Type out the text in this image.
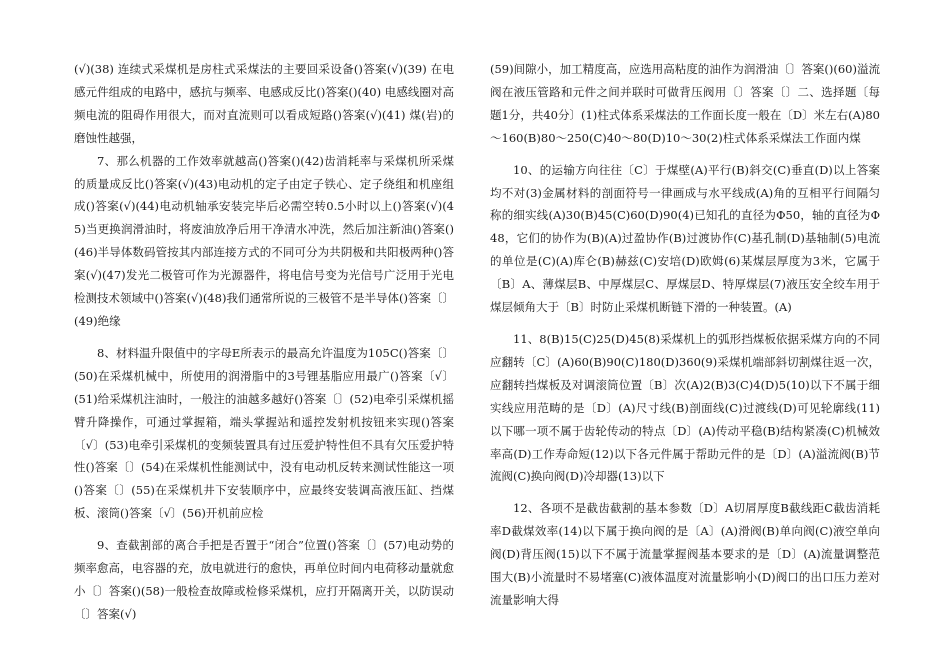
(√)(38) 连续式采煤机是房柱式采煤法的主要回采设备()答案(√)(39) 在电感元件组成的电路中，感抗与频率、电感成反比()答案()(40) 电感线圈对高频电流的阻碍作用很大，而对直流则可以看成短路()答案(√)(41) 煤(岩)的磨蚀性越强，

7、那么机器的工作效率就越高()答案()(42)齿消耗率与采煤机所采煤的质量成反比()答案(√)(43)电动机的定子由定子铁心、定子绕组和机座组成()答案(√)(44)电动机轴承安装完毕后必需空转0.5小时以上()答案(√)(45)当更换润滑油时，将废油放净后用干净清水冲洗，然后加注新油()答案()(46)半导体数码管按其内部连接方式的不同可分为共阴极和共阳极两种()答案(√)(47)发光二极管可作为光源器件，将电信号变为光信号广泛用于光电检测技术领域中()答案(√)(48)我们通常所说的三极管不是半导体()答案〔〕(49)绝缘

8、材料温升限值中的字母E所表示的最高允许温度为105C()答案〔〕(50)在采煤机械中，所使用的润滑脂中的3号锂基脂应用最广()答案〔√〕(51)给采煤机注油时，一般注的油越多越好()答案〔〕(52)电牵引采煤机摇臂升降操作，可通过掌握箱，端头掌握站和遥控发射机按钮来实现()答案〔√〕(53)电牵引采煤机的变频装置具有过压爱护特性但不具有欠压爱护特性()答案〔〕(54)在采煤机性能测试中，没有电动机反转来测试性能这一项()答案〔〕(55)在采煤机井下安装顺序中，应最终安装调高液压缸、挡煤板、滚筒()答案〔√〕(56)开机前应检

9、查截割部的离合手把是否置于“闭合”位置()答案〔〕(57)电动势的频率愈高，电容器的充，放电就进行的愈快，再单位时间内电荷移动量就愈小〔〕答案()(58)一般检查故障或检修采煤机，应打开隔离开关，以防误动〔〕答案(√)

(59)间隙小，加工精度高，应选用高粘度的油作为润滑油〔〕答案()(60)溢流阀在液压管路和元件之间并联时可做背压阀用〔〕答案〔〕二、选择题〔每题1分，共40分〕(1)柱式体系采煤法的工作面长度一般在〔D〕米左右(A)80～160(B)80～250(C)40～80(D)10～30(2)柱式体系采煤法工作面内煤

10、的运输方向往往〔C〕于煤壁(A)平行(B)斜交(C)垂直(D)以上答案均不对(3)金属材料的剖面符号一律画成与水平线成(A)角的互相平行间隔匀称的细实线(A)30(B)45(C)60(D)90(4)已知孔的直径为Φ50，轴的直径为Φ48，它们的协作为(B)(A)过盈协作(B)过渡协作(C)基孔制(D)基轴制(5)电流的单位是(C)(A)库仑(B)赫兹(C)安培(D)欧姆(6)某煤层厚度为3米，它属于〔B〕A、薄煤层B、中厚煤层C、厚煤层D、特厚煤层(7)液压安全绞车用于煤层倾角大于〔B〕时防止采煤机断链下滑的一种装置。(A)

11、8(B)15(C)25(D)45(8)采煤机上的弧形挡煤板依据采煤方向的不同应翻转〔C〕(A)60(B)90(C)180(D)360(9)采煤机端部斜切割煤往返一次，应翻转挡煤板及对调滚筒位置〔B〕次(A)2(B)3(C)4(D)5(10)以下不属于细实线应用范畴的是〔D〕(A)尺寸线(B)剖面线(C)过渡线(D)可见轮廓线(11)以下哪一项不属于齿轮传动的特点〔D〕(A)传动平稳(B)结构紧凑(C)机械效率高(D)工作寿命短(12)以下各元件属于帮助元件的是〔D〕(A)溢流阀(B)节流阀(C)换向阀(D)冷却器(13)以下

12、各项不是截齿截割的基本参数〔D〕A切屑厚度B截线距C截齿消耗率D截煤效率(14)以下属于换向阀的是〔A〕(A)滑阀(B)单向阀(C)液空单向阀(D)背压阀(15)以下不属于流量掌握阀基本要求的是〔D〕(A)流量调整范围大(B)小流量时不易堵塞(C)液体温度对流量影响小(D)阀口的出口压力差对流量影响大得
